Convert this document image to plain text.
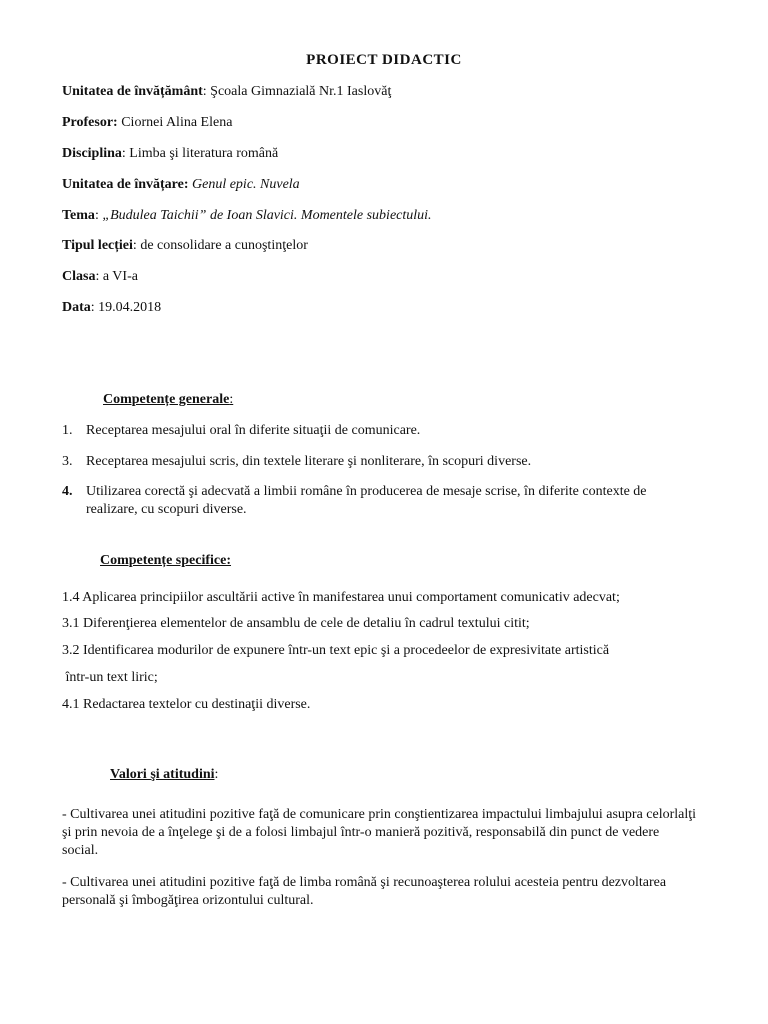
PROIECT DIDACTIC
Unitatea de învățământ: Şcoala Gimnazială Nr.1 Iaslovăţ
Profesor: Ciornei Alina Elena
Disciplina: Limba şi literatura română
Unitatea de învățare: Genul epic. Nuvela
Tema: „Budulea Taichii” de Ioan Slavici. Momentele subiectului.
Tipul lecției: de consolidare a cunoştinţelor
Clasa: a VI-a
Data: 19.04.2018
Competențe generale:
1. Receptarea mesajului oral în diferite situaţii de comunicare.
3. Receptarea mesajului scris, din textele literare şi nonliterare, în scopuri diverse.
4. Utilizarea corectă şi adecvată a limbii române în producerea de mesaje scrise, în diferite contexte de
realizare, cu scopuri diverse.
Competențe specifice:
1.4 Aplicarea principiilor ascultării active în manifestarea unui comportament comunicativ adecvat;
3.1 Diferenţierea elementelor de ansamblu de cele de detaliu în cadrul textului citit;
3.2 Identificarea modurilor de expunere într-un text epic şi a procedeelor de expresivitate artistică
într-un text liric;
4.1 Redactarea textelor cu destinaţii diverse.
Valori şi atitudini:
- Cultivarea unei atitudini pozitive faţă de comunicare prin conştientizarea impactului limbajului asupra celorlalţi şi prin nevoia de a înţelege şi de a folosi limbajul într-o manieră pozitivă, responsabilă din punct de vedere social.
- Cultivarea unei atitudini pozitive faţă de limba română şi recunoaşterea rolului acesteia pentru dezvoltarea personală şi îmbogăţirea orizontului cultural.
